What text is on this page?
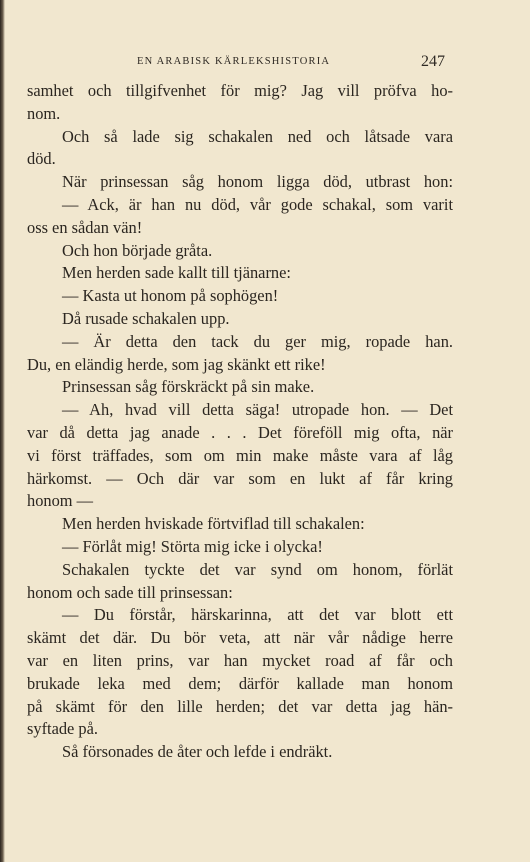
EN ARABISK KÄRLEKSHISTORIA	247
samhet och tillgifvenhet för mig? Jag vill pröfva ho-
nom.
Och så lade sig schakalen ned och låtsade vara
död.
När prinsessan såg honom ligga död, utbrast hon:
— Ack, är han nu död, vår gode schakal, som varit
oss en sådan vän!
Och hon började gråta.
Men herden sade kallt till tjänarne:
— Kasta ut honom på sophögen!
Då rusade schakalen upp.
— Är detta den tack du ger mig, ropade han.
Du, en eländig herde, som jag skänkt ett rike!
Prinsessan såg förskräckt på sin make.
— Ah, hvad vill detta säga! utropade hon. — Det
var då detta jag anade . . . Det föreföll mig ofta, när
vi först träffades, som om min make måste vara af låg
härkomst. — Och där var som en lukt af får kring
honom —
Men herden hviskade förtviflad till schakalen:
— Förlåt mig! Störta mig icke i olycka!
Schakalen tyckte det var synd om honom, förlät
honom och sade till prinsessan:
— Du förstår, härskarinna, att det var blott ett
skämt det där. Du bör veta, att när vår nådige herre
var en liten prins, var han mycket road af får och
brukade leka med dem; därför kallade man honom
på skämt för den lille herden; det var detta jag hän-
syftade på.
Så försonades de åter och lefde i endräkt.
